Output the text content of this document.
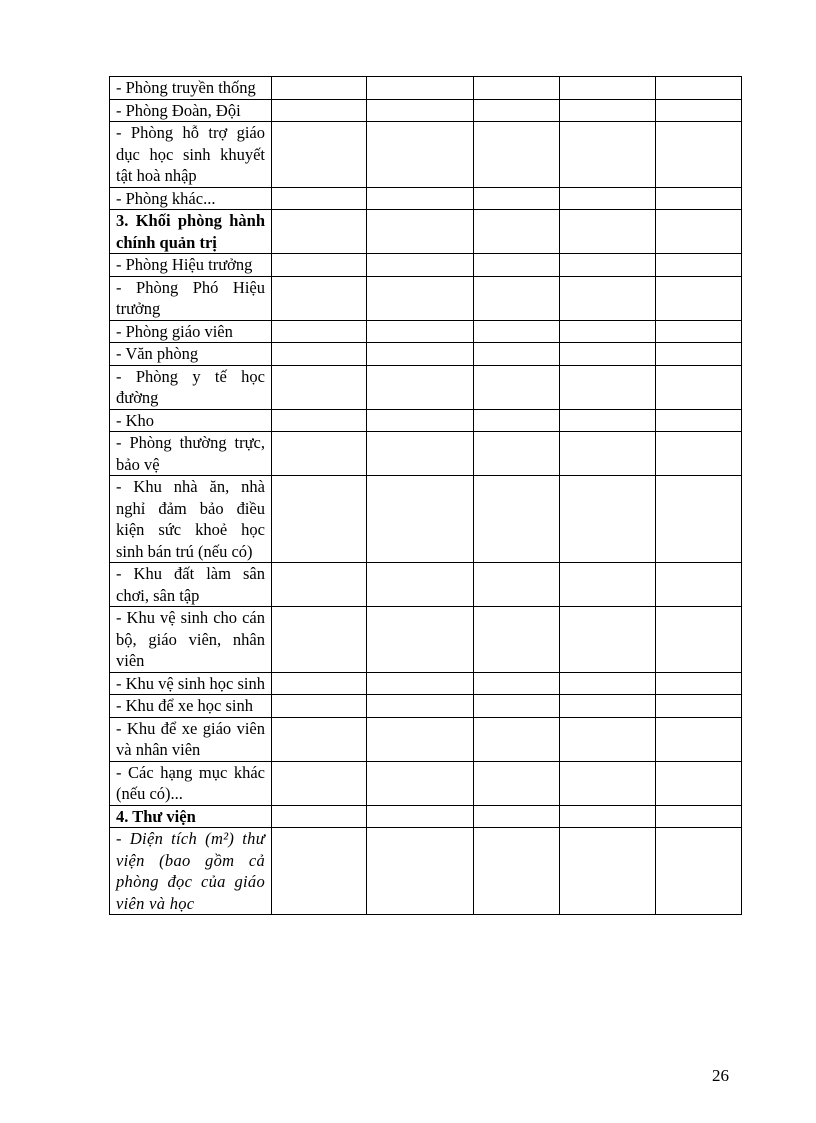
- Phòng truyền thống					
- Phòng Đoàn, Đội					
- Phòng hỗ trợ giáo dục học sinh khuyết tật hoà nhập					
- Phòng khác...					
3. Khối phòng hành chính quản trị					
- Phòng Hiệu trưởng					
- Phòng Phó Hiệu trưởng					
- Phòng giáo viên					
- Văn phòng					
- Phòng y tế học đường					
- Kho					
- Phòng thường trực, bảo vệ					
- Khu nhà ăn, nhà nghỉ đảm bảo điều kiện sức khoẻ học sinh bán trú (nếu có)					
- Khu đất làm sân chơi, sân tập					
- Khu vệ sinh cho cán bộ, giáo viên, nhân viên					
- Khu vệ sinh học sinh					
- Khu để xe học sinh					
- Khu để xe giáo viên và nhân viên					
- Các hạng mục khác (nếu có)...					
4. Thư viện					
- Diện tích (m²) thư viện (bao gồm cả phòng đọc của giáo viên và học					
26
